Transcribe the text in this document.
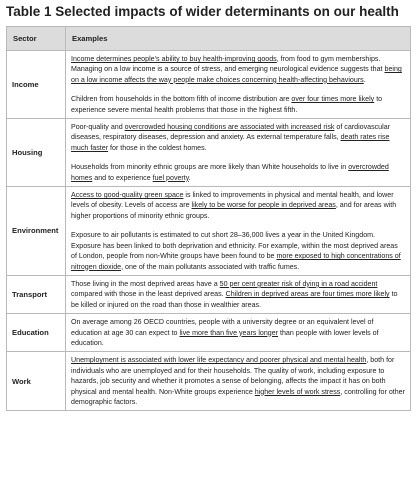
Table 1 Selected impacts of wider determinants on our health
Sector	Examples
Income	Income determines people’s ability to buy health-improving goods, from food to gym memberships. Managing on a low income is a source of stress, and emerging neurological evidence suggests that being on a low income affects the way people make choices concerning health-affecting behaviours.

Children from households in the bottom fifth of income distribution are over four times more likely to experience severe mental health problems that those in the highest fifth.

Housing	Poor-quality and overcrowded housing conditions are associated with increased risk of cardiovascular diseases, respiratory diseases, depression and anxiety. As external temperature falls, death rates rise much faster for those in the coldest homes.

Households from minority ethnic groups are more likely than White households to live in overcrowded homes and to experience fuel poverty.

Environment	Access to good-quality green space is linked to improvements in physical and mental health, and lower levels of obesity. Levels of access are likely to be worse for people in deprived areas, and for areas with higher proportions of minority ethnic groups.

Exposure to air pollutants is estimated to cut short 28–36,000 lives a year in the United Kingdom. Exposure has been linked to both deprivation and ethnicity. For example, within the most deprived areas of London, people from non-White groups have been found to be more exposed to high concentrations of nitrogen dioxide, one of the main pollutants associated with traffic fumes.

Transport	Those living in the most deprived areas have a 50 per cent greater risk of dying in a road accident compared with those in the least deprived areas. Children in deprived areas are four times more likely to be killed or injured on the road than those in wealthier areas.

Education	On average among 26 OECD countries, people with a university degree or an equivalent level of education at age 30 can expect to live more than five years longer than people with lower levels of education.

Work	Unemployment is associated with lower life expectancy and poorer physical and mental health, both for individuals who are unemployed and for their households. The quality of work, including exposure to hazards, job security and whether it promotes a sense of belonging, affects the impact it has on both physical and mental health. Non-White groups experience higher levels of work stress, controlling for other demographic factors.
